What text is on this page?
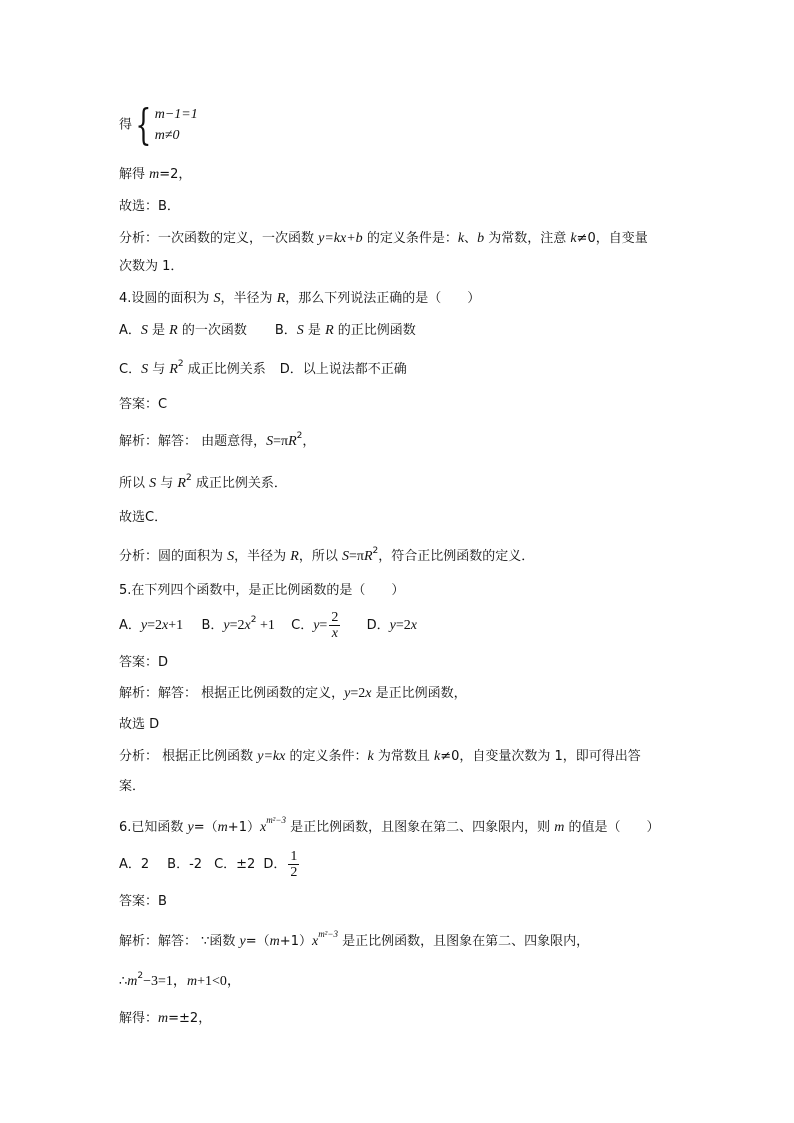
得{ m−1=1
m≠0
解得 m=2，
故选：B．
分析：一次函数的定义，一次函数 y=kx+b 的定义条件是：k、b 为常数，注意 k≠0，自变量
次数为 1．
4.设圆的面积为 S，半径为 R，那么下列说法正确的是（　　）
A．S 是 R 的一次函数 B．S 是 R 的正比例函数
C．S 与 $R^2$ 成正比例关系 D．以上说法都不正确
答案：C
解析：解答： 由题意得，$S=\pi R^2$，
所以 S 与 $R^2$ 成正比例关系．
故选C．
分析：圆的面积为 S，半径为 R，所以 $S=\pi R^2$，符合正比例函数的定义．
5.在下列四个函数中，是正比例函数的是（　　）
A．y=2x+1 B．$y=2x^2 +1$ C．$y= \frac{2}{x}$ D．y=2x
答案：D
解析：解答： 根据正比例函数的定义，y=2x 是正比例函数，
故选 D
分析： 根据正比例函数 y=kx 的定义条件：k 为常数且 k≠0，自变量次数为 1，即可得出答
案．
6.已知函数 $y=(m+1)x^{m^2-3}$ 是正比例函数，且图象在第二、四象限内，则 m 的值是（　　）
A．2 B．-2 C．±2 D． $\frac{1}{2}$
答案：B
解析：解答： ∵函数 $y=(m+1)x^{m^2-3}$ 是正比例函数，且图象在第二、四象限内，
$\therefore m^2-3=1$，m+1<0，
解得：m=±2，
